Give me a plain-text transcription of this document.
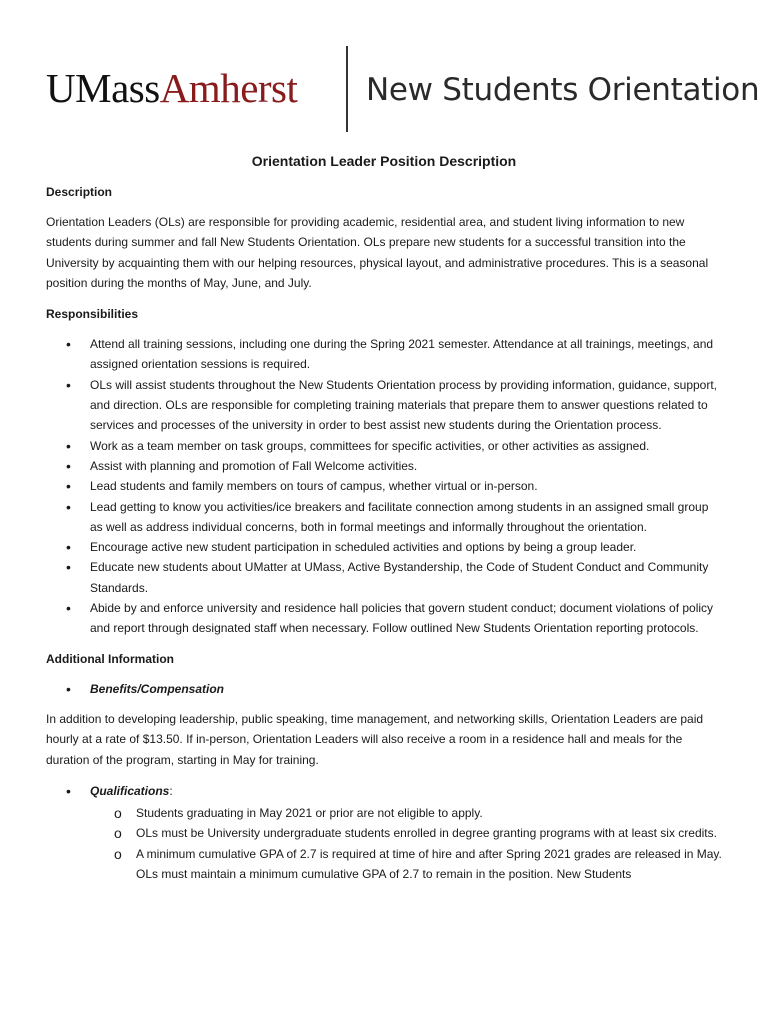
UMassAmherst New Students Orientation
Orientation Leader Position Description
Description

Orientation Leaders (OLs) are responsible for providing academic, residential area, and student living information to new students during summer and fall New Students Orientation. OLs prepare new students for a successful transition into the University by acquainting them with our helping resources, physical layout, and administrative procedures. This is a seasonal position during the months of May, June, and July.

Responsibilities
• Attend all training sessions, including one during the Spring 2021 semester. Attendance at all trainings, meetings, and assigned orientation sessions is required.
• OLs will assist students throughout the New Students Orientation process by providing information, guidance, support, and direction. OLs are responsible for completing training materials that prepare them to answer questions related to services and processes of the university in order to best assist new students during the Orientation process.
• Work as a team member on task groups, committees for specific activities, or other activities as assigned.
• Assist with planning and promotion of Fall Welcome activities.
• Lead students and family members on tours of campus, whether virtual or in-person.
• Lead getting to know you activities/ice breakers and facilitate connection among students in an assigned small group as well as address individual concerns, both in formal meetings and informally throughout the orientation.
• Encourage active new student participation in scheduled activities and options by being a group leader.
• Educate new students about UMatter at UMass, Active Bystandership, the Code of Student Conduct and Community Standards.
• Abide by and enforce university and residence hall policies that govern student conduct; document violations of policy and report through designated staff when necessary. Follow outlined New Students Orientation reporting protocols.
Additional Information
• Benefits/Compensation

In addition to developing leadership, public speaking, time management, and networking skills, Orientation Leaders are paid hourly at a rate of $13.50. If in-person, Orientation Leaders will also receive a room in a residence hall and meals for the duration of the program, starting in May for training.

• Qualifications:
o Students graduating in May 2021 or prior are not eligible to apply.
o OLs must be University undergraduate students enrolled in degree granting programs with at least six credits.
o A minimum cumulative GPA of 2.7 is required at time of hire and after Spring 2021 grades are released in May. OLs must maintain a minimum cumulative GPA of 2.7 to remain in the position. New Students
